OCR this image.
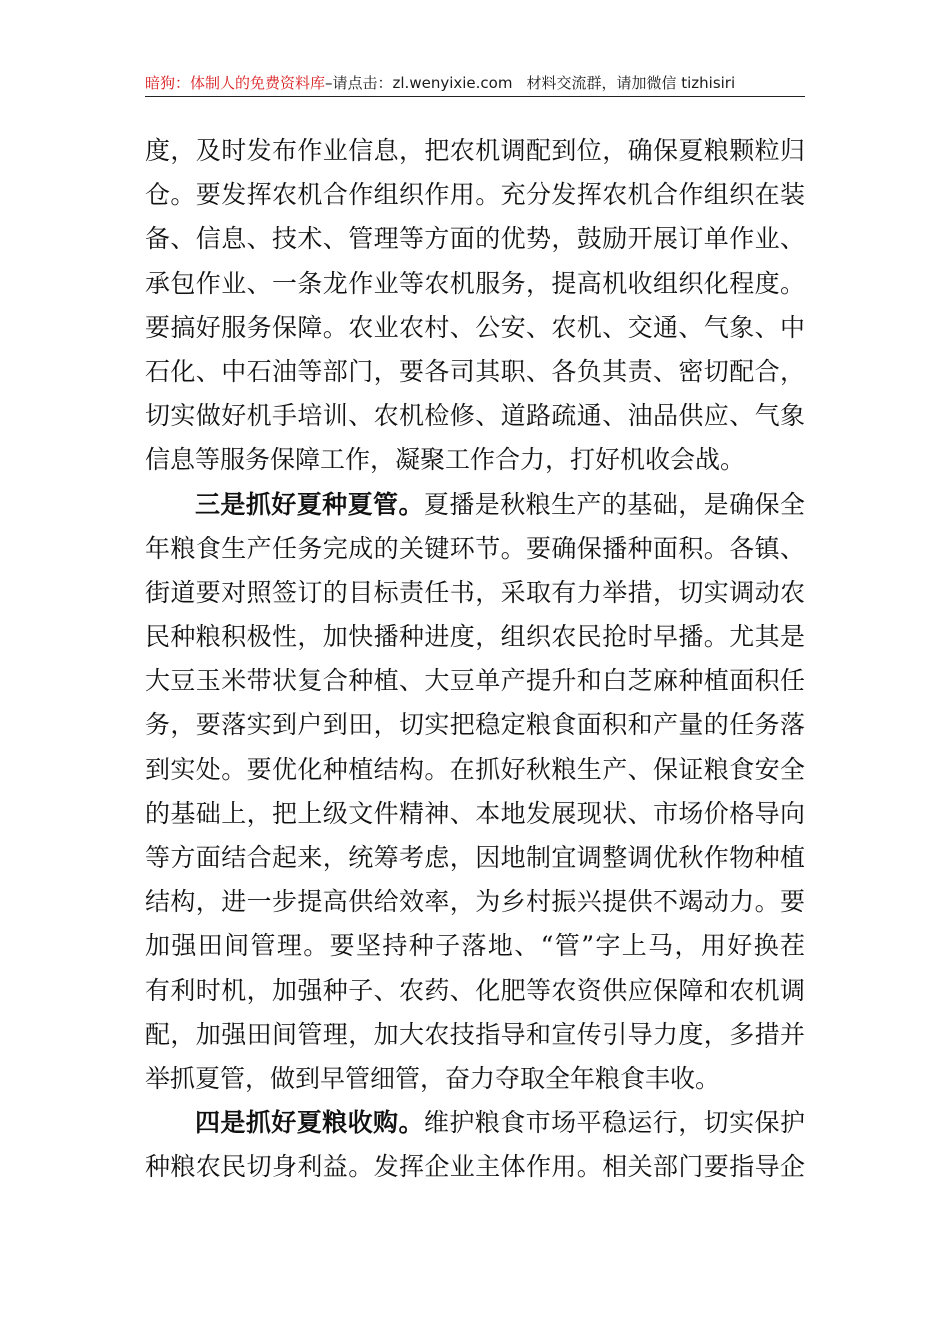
暗狗：体制人的免费资料库 –请点击：zl.wenyixie.com 材料交流群，请加微信 tizhisiri
度，及时发布作业信息，把农机调配到位，确保夏粮颗粒归
仓。要发挥农机合作组织作用。充分发挥农机合作组织在装
备、信息、技术、管理等方面的优势，鼓励开展订单作业、
承包作业、一条龙作业等农机服务，提高机收组织化程度。
要搞好服务保障。农业农村、公安、农机、交通、气象、中
石化、中石油等部门，要各司其职、各负其责、密切配合，
切实做好机手培训、农机检修、道路疏通、油品供应、气象
信息等服务保障工作，凝聚工作合力，打好机收会战。
三是抓好夏种夏管。夏播是秋粮生产的基础，是确保全
年粮食生产任务完成的关键环节。要确保播种面积。各镇、
街道要对照签订的目标责任书，采取有力举措，切实调动农
民种粮积极性，加快播种进度，组织农民抢时早播。尤其是
大豆玉米带状复合种植、大豆单产提升和白芝麻种植面积任
务，要落实到户到田，切实把稳定粮食面积和产量的任务落
到实处。要优化种植结构。在抓好秋粮生产、保证粮食安全
的基础上，把上级文件精神、本地发展现状、市场价格导向
等方面结合起来，统筹考虑，因地制宜调整调优秋作物种植
结构，进一步提高供给效率，为乡村振兴提供不竭动力。要
加强田间管理。要坚持种子落地、“管”字上马，用好换茬
有利时机，加强种子、农药、化肥等农资供应保障和农机调
配，加强田间管理，加大农技指导和宣传引导力度，多措并
举抓夏管，做到早管细管，奋力夺取全年粮食丰收。
四是抓好夏粮收购。维护粮食市场平稳运行，切实保护
种粮农民切身利益。发挥企业主体作用。相关部门要指导企
